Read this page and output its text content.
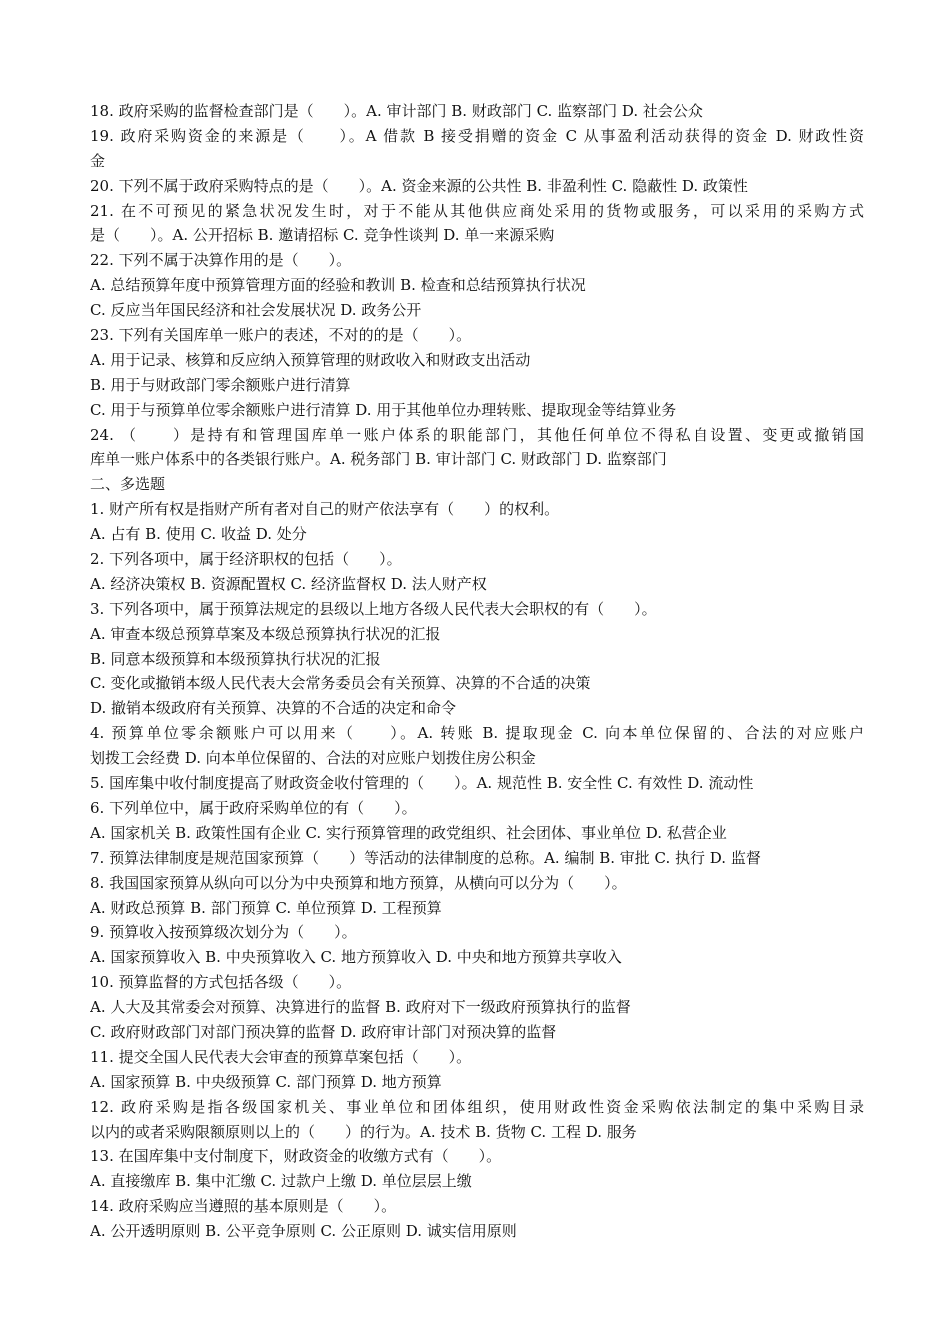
18. 政府采购的监督检查部门是（　　）。A. 审计部门 B. 财政部门 C. 监察部门 D. 社会公众
19. 政府采购资金的来源是（　　）。A 借款 B 接受捐赠的资金 C 从事盈利活动获得的资金 D. 财政性资
金
20. 下列不属于政府采购特点的是（　　）。A. 资金来源的公共性 B. 非盈利性 C. 隐蔽性 D. 政策性
21. 在不可预见的紧急状况发生时，对于不能从其他供应商处采用的货物或服务，可以采用的采购方式
是（　　）。A. 公开招标 B. 邀请招标 C. 竞争性谈判 D. 单一来源采购
22. 下列不属于决算作用的是（　　）。
A. 总结预算年度中预算管理方面的经验和教训 B. 检查和总结预算执行状况
C. 反应当年国民经济和社会发展状况 D. 政务公开
23. 下列有关国库单一账户的表述，不对的的是（　　）。
A. 用于记录、核算和反应纳入预算管理的财政收入和财政支出活动
B. 用于与财政部门零余额账户进行清算
C. 用于与预算单位零余额账户进行清算 D. 用于其他单位办理转账、提取现金等结算业务
24. （　　）是持有和管理国库单一账户体系的职能部门，其他任何单位不得私自设置、变更或撤销国
库单一账户体系中的各类银行账户。A. 税务部门 B. 审计部门 C. 财政部门 D. 监察部门
二、多选题
1. 财产所有权是指财产所有者对自己的财产依法享有（　　）的权利。
A. 占有 B. 使用 C. 收益 D. 处分
2. 下列各项中，属于经济职权的包括（　　）。
A. 经济决策权 B. 资源配置权 C. 经济监督权 D. 法人财产权
3. 下列各项中，属于预算法规定的县级以上地方各级人民代表大会职权的有（　　）。
A. 审查本级总预算草案及本级总预算执行状况的汇报
B. 同意本级预算和本级预算执行状况的汇报
C. 变化或撤销本级人民代表大会常务委员会有关预算、决算的不合适的决策
D. 撤销本级政府有关预算、决算的不合适的决定和命令
4. 预算单位零余额账户可以用来（　　）。A. 转账 B. 提取现金 C. 向本单位保留的、合法的对应账户
划拨工会经费 D. 向本单位保留的、合法的对应账户划拨住房公积金
5. 国库集中收付制度提高了财政资金收付管理的（　　）。A. 规范性 B. 安全性 C. 有效性 D. 流动性
6. 下列单位中，属于政府采购单位的有（　　）。
A. 国家机关 B. 政策性国有企业 C. 实行预算管理的政党组织、社会团体、事业单位 D. 私营企业
7. 预算法律制度是规范国家预算（　　）等活动的法律制度的总称。A. 编制 B. 审批 C. 执行 D. 监督
8. 我国国家预算从纵向可以分为中央预算和地方预算，从横向可以分为（　　）。
A. 财政总预算 B. 部门预算 C. 单位预算 D. 工程预算
9. 预算收入按预算级次划分为（　　）。
A. 国家预算收入 B. 中央预算收入 C. 地方预算收入 D. 中央和地方预算共享收入
10. 预算监督的方式包括各级（　　）。
A. 人大及其常委会对预算、决算进行的监督 B. 政府对下一级政府预算执行的监督
C. 政府财政部门对部门预决算的监督 D. 政府审计部门对预决算的监督
11. 提交全国人民代表大会审查的预算草案包括（　　）。
A. 国家预算 B. 中央级预算 C. 部门预算 D. 地方预算
12. 政府采购是指各级国家机关、事业单位和团体组织，使用财政性资金采购依法制定的集中采购目录
以内的或者采购限额原则以上的（　　）的行为。A. 技术 B. 货物 C. 工程 D. 服务
13. 在国库集中支付制度下，财政资金的收缴方式有（　　）。
A. 直接缴库 B. 集中汇缴 C. 过款户上缴 D. 单位层层上缴
14. 政府采购应当遵照的基本原则是（　　）。
A. 公开透明原则 B. 公平竞争原则 C. 公正原则 D. 诚实信用原则
